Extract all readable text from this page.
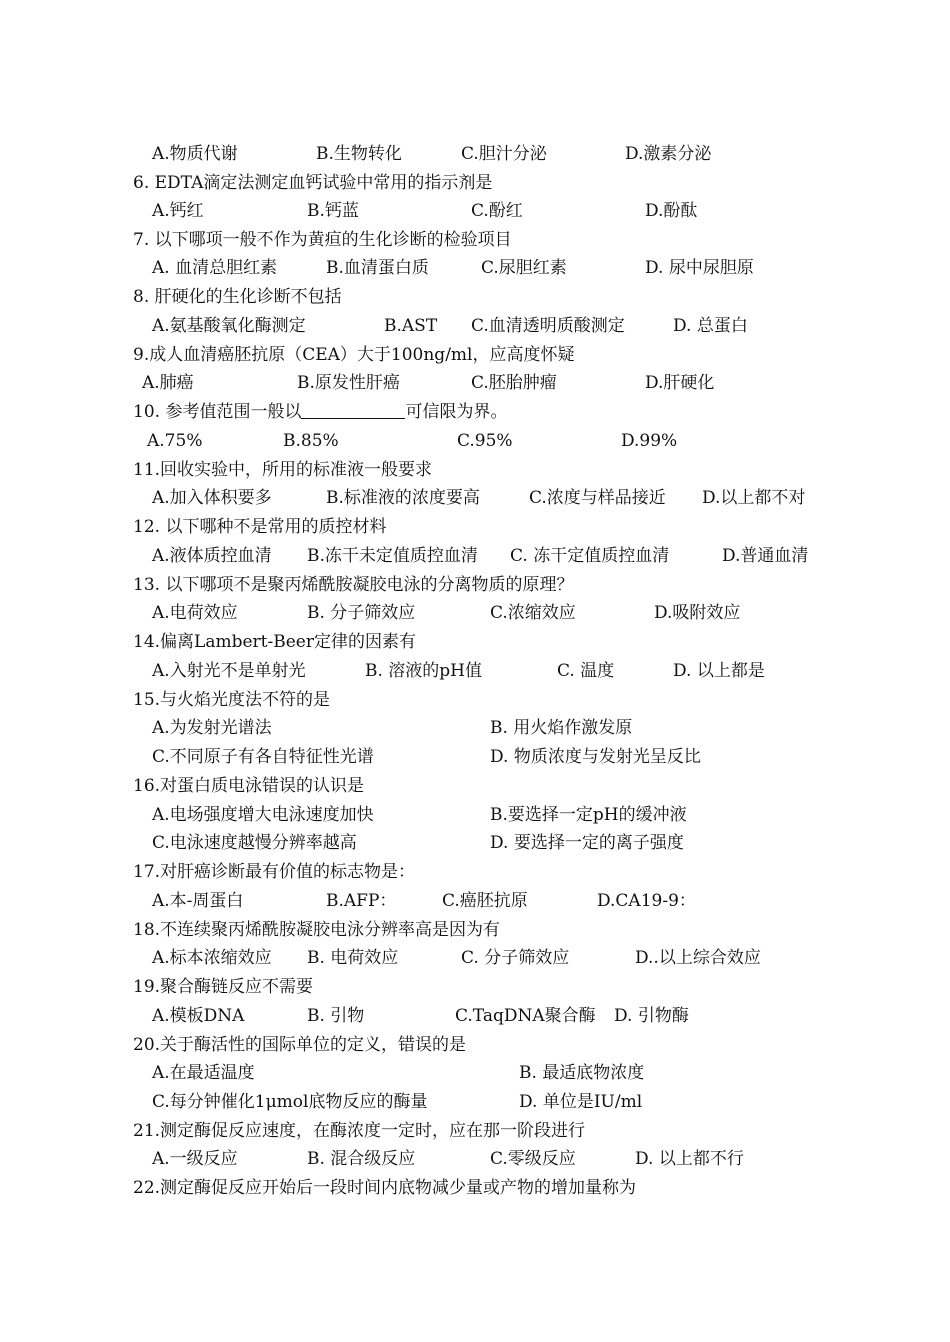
A.物质代谢	B.生物转化	C.胆汁分泌	D.激素分泌
6. EDTA滴定法测定血钙试验中常用的指示剂是
A.钙红	B.钙蓝	C.酚红	D.酚酞
7. 以下哪项一般不作为黄疸的生化诊断的检验项目
A. 血清总胆红素	B.血清蛋白质	C.尿胆红素	D. 尿中尿胆原
8. 肝硬化的生化诊断不包括
A.氨基酸氧化酶测定	B.AST C.血清透明质酸测定	D. 总蛋白
9.成人血清癌胚抗原（CEA）大于100ng/ml，应高度怀疑
A.肺癌	B.原发性肝癌	C.胚胎肿瘤	D.肝硬化
10. 参考值范围一般以	可信限为界。
A.75%	B.85%	C.95%	D.99%
11.回收实验中，所用的标准液一般要求
A.加入体积要多	B.标准液的浓度要高	C.浓度与样品接近 D.以上都不对
12. 以下哪种不是常用的质控材料
A.液体质控血清 B.冻干未定值质控血清 C. 冻干定值质控血清	D.普通血清
13. 以下哪项不是聚丙烯酰胺凝胶电泳的分离物质的原理？
A.电荷效应	B. 分子筛效应	C.浓缩效应	D.吸附效应
14.偏离Lambert-Beer定律的因素有
A.入射光不是单射光	B. 溶液的pH值	C. 温度	D. 以上都是
15.与火焰光度法不符的是
A.为发射光谱法	B. 用火焰作激发原
C.不同原子有各自特征性光谱	D. 物质浓度与发射光呈反比
16.对蛋白质电泳错误的认识是
A.电场强度增大电泳速度加快	B.要选择一定pH的缓冲液
C.电泳速度越慢分辨率越高	D. 要选择一定的离子强度
17.对肝癌诊断最有价值的标志物是：
A.本-周蛋白	B.AFP：	C.癌胚抗原	D.CA19-9：
18.不连续聚丙烯酰胺凝胶电泳分辨率高是因为有
A.标本浓缩效应 B. 电荷效应	C. 分子筛效应	D..以上综合效应
19.聚合酶链反应不需要
A.模板DNA	B. 引物	C.TaqDNA聚合酶 D. 引物酶
20.关于酶活性的国际单位的定义，错误的是
A.在最适温度	B. 最适底物浓度
C.每分钟催化1μmol底物反应的酶量	D. 单位是IU/ml
21.测定酶促反应速度，在酶浓度一定时，应在那一阶段进行
A.一级反应	B. 混合级反应	C.零级反应	D. 以上都不行
22.测定酶促反应开始后一段时间内底物减少量或产物的增加量称为
